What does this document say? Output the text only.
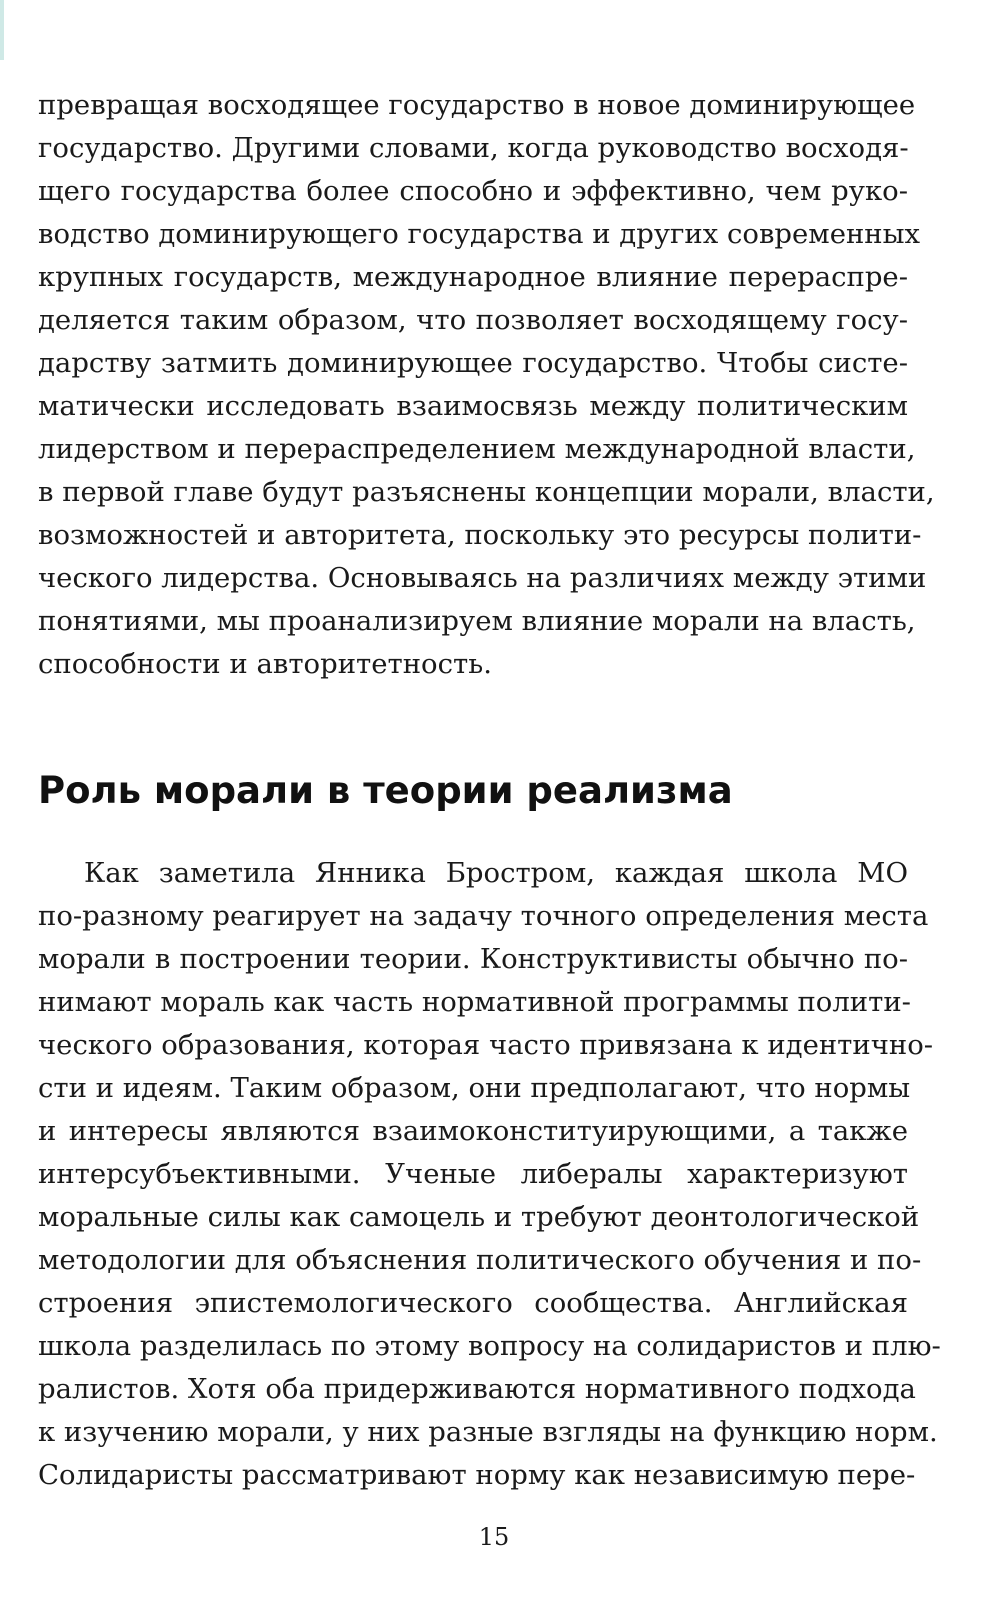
превращая восходящее государство в новое доминирующее
государство. Другими словами, когда руководство восходя-
щего государства более способно и эффективно, чем руко-
водство доминирующего государства и других современных
крупных государств, международное влияние перераспре-
деляется таким образом, что позволяет восходящему госу-
дарству затмить доминирующее государство. Чтобы систе-
матически исследовать взаимосвязь между политическим
лидерством и перераспределением международной власти,
в первой главе будут разъяснены концепции морали, власти,
возможностей и авторитета, поскольку это ресурсы полити-
ческого лидерства. Основываясь на различиях между этими
понятиями, мы проанализируем влияние морали на власть,
способности и авторитетность.
Роль морали в теории реализма
Как заметила Янника Бростром, каждая школа МО
по-разному реагирует на задачу точного определения места
морали в построении теории. Конструктивисты обычно по-
нимают мораль как часть нормативной программы полити-
ческого образования, которая часто привязана к идентично-
сти и идеям. Таким образом, они предполагают, что нормы
и интересы являются взаимоконституирующими, а также
интерсубъективными. Ученые либералы характеризуют
моральные силы как самоцель и требуют деонтологической
методологии для объяснения политического обучения и по-
строения эпистемологического сообщества. Английская
школа разделилась по этому вопросу на солидаристов и плю-
ралистов. Хотя оба придерживаются нормативного подхода
к изучению морали, у них разные взгляды на функцию норм.
Солидаристы рассматривают норму как независимую пере-
15
